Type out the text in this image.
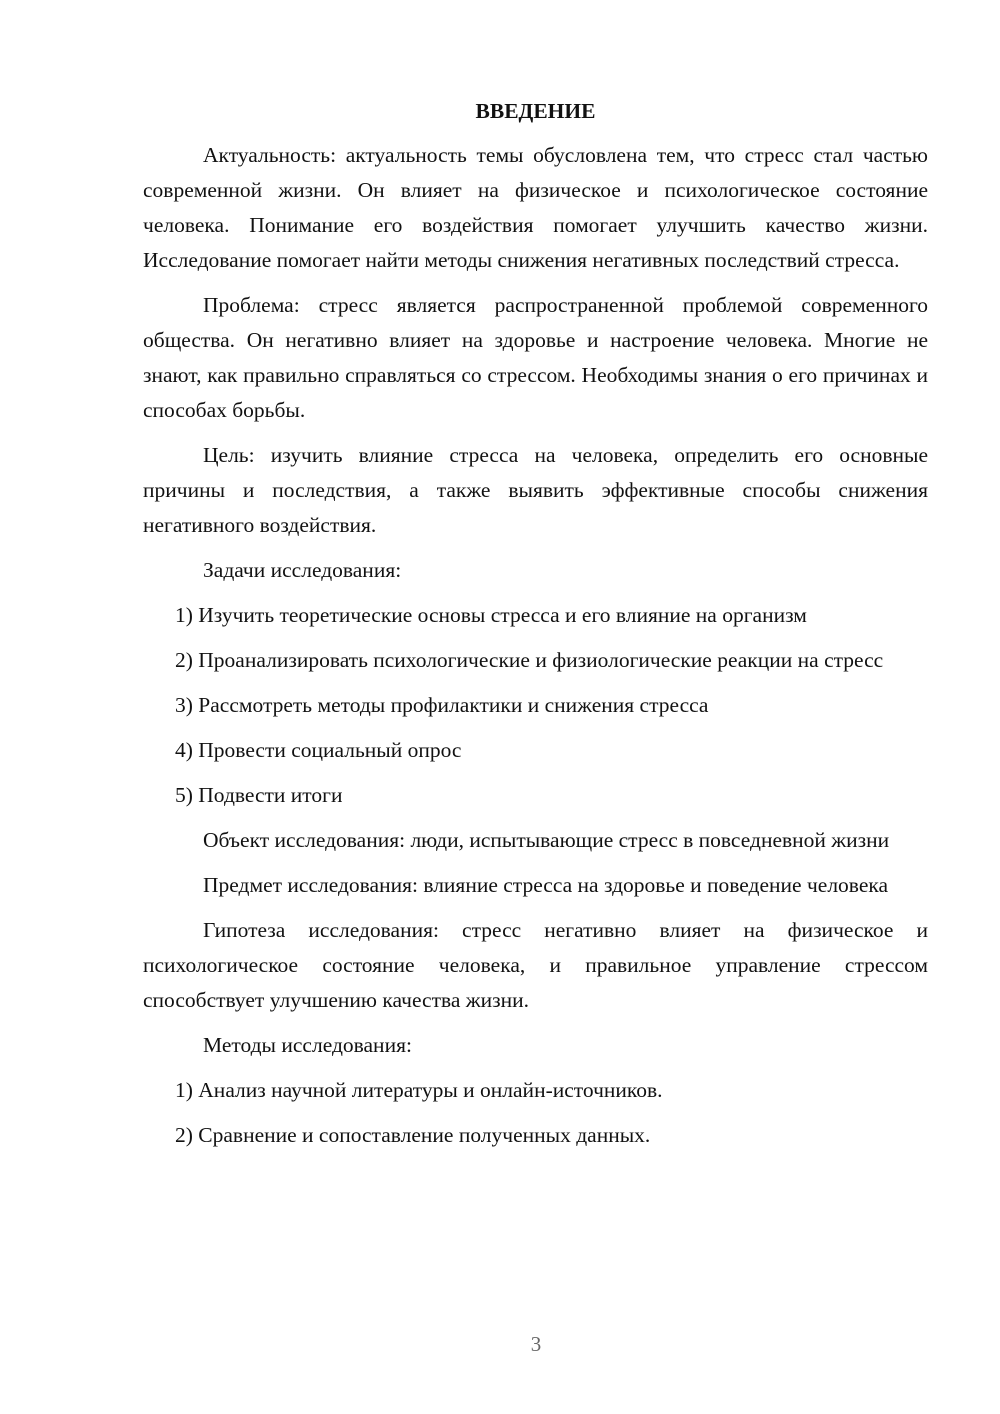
ВВЕДЕНИЕ

Актуальность: актуальность темы обусловлена тем, что стресс стал частью современной жизни. Он влияет на физическое и психологическое состояние человека. Понимание его воздействия помогает улучшить качество жизни. Исследование помогает найти методы снижения негативных последствий стресса.

Проблема: стресс является распространенной проблемой современного общества. Он негативно влияет на здоровье и настроение человека. Многие не знают, как правильно справляться со стрессом. Необходимы знания о его причинах и способах борьбы.

Цель: изучить влияние стресса на человека, определить его основные причины и последствия, а также выявить эффективные способы снижения негативного воздействия.

Задачи исследования:

1) Изучить теоретические основы стресса и его влияние на организм

2) Проанализировать психологические и физиологические реакции на стресс

3) Рассмотреть методы профилактики и снижения стресса

4) Провести социальный опрос

5) Подвести итоги

Объект исследования: люди, испытывающие стресс в повседневной жизни

Предмет исследования: влияние стресса на здоровье и поведение человека

Гипотеза исследования: стресс негативно влияет на физическое и психологическое состояние человека, и правильное управление стрессом способствует улучшению качества жизни.

Методы исследования:

1) Анализ научной литературы и онлайн-источников.

2) Сравнение и сопоставление полученных данных.

3
